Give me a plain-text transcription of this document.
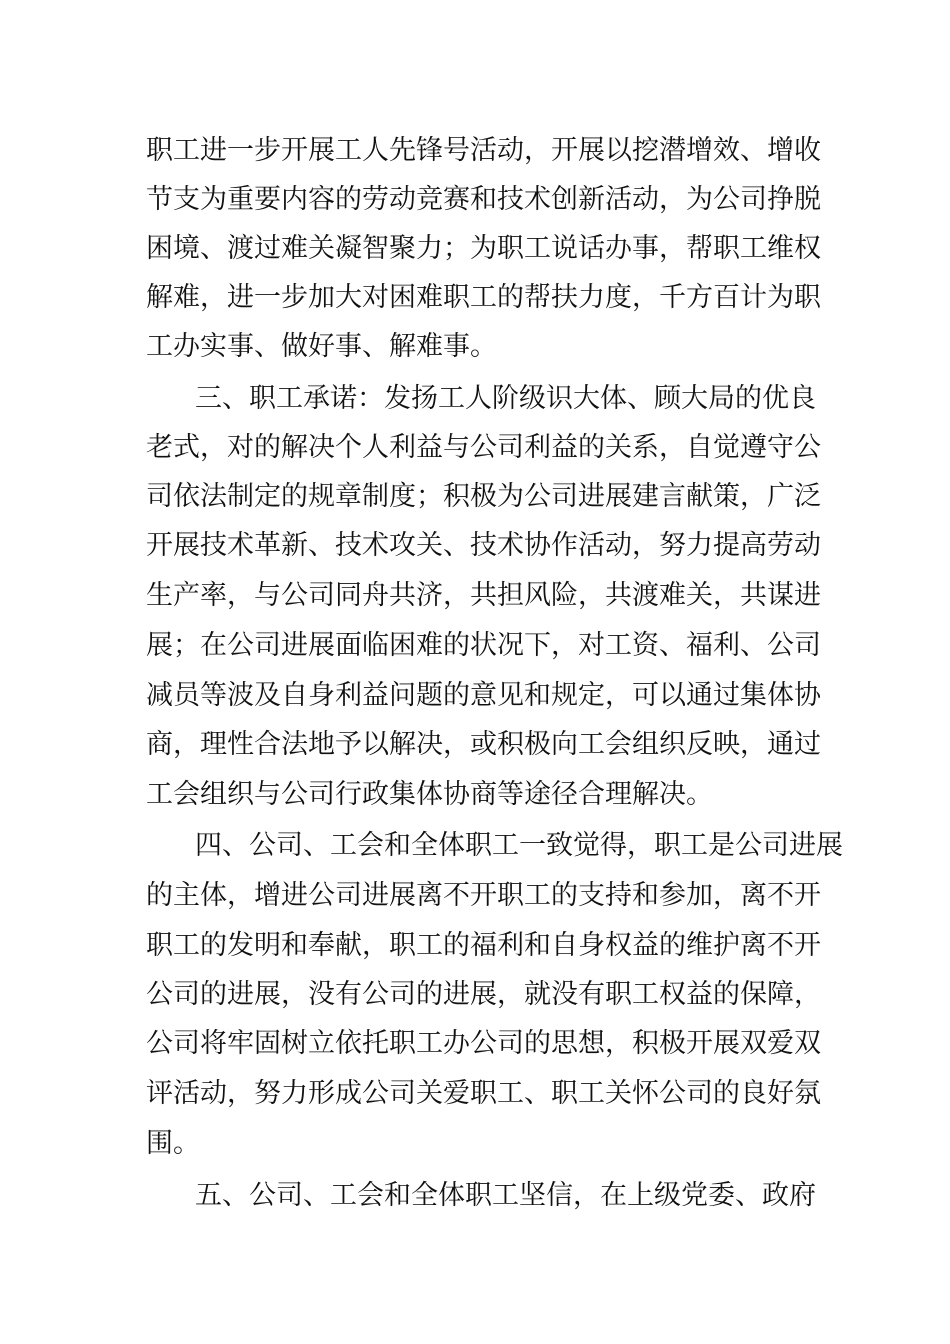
职工进一步开展工人先锋号活动，开展以挖潜增效、增收
节支为重要内容的劳动竞赛和技术创新活动，为公司挣脱
困境、渡过难关凝智聚力；为职工说话办事，帮职工维权
解难，进一步加大对困难职工的帮扶力度，千方百计为职
工办实事、做好事、解难事。
三、职工承诺：发扬工人阶级识大体、顾大局的优良
老式，对的解决个人利益与公司利益的关系，自觉遵守公
司依法制定的规章制度；积极为公司进展建言献策，广泛
开展技术革新、技术攻关、技术协作活动，努力提高劳动
生产率，与公司同舟共济，共担风险，共渡难关，共谋进
展；在公司进展面临困难的状况下，对工资、福利、公司
减员等波及自身利益问题的意见和规定，可以通过集体协
商，理性合法地予以解决，或积极向工会组织反映，通过
工会组织与公司行政集体协商等途径合理解决。
四、公司、工会和全体职工一致觉得，职工是公司进展
的主体，增进公司进展离不开职工的支持和参加，离不开
职工的发明和奉献，职工的福利和自身权益的维护离不开
公司的进展，没有公司的进展，就没有职工权益的保障，
公司将牢固树立依托职工办公司的思想，积极开展双爱双
评活动，努力形成公司关爱职工、职工关怀公司的良好氛
围。
五、公司、工会和全体职工坚信，在上级党委、政府
